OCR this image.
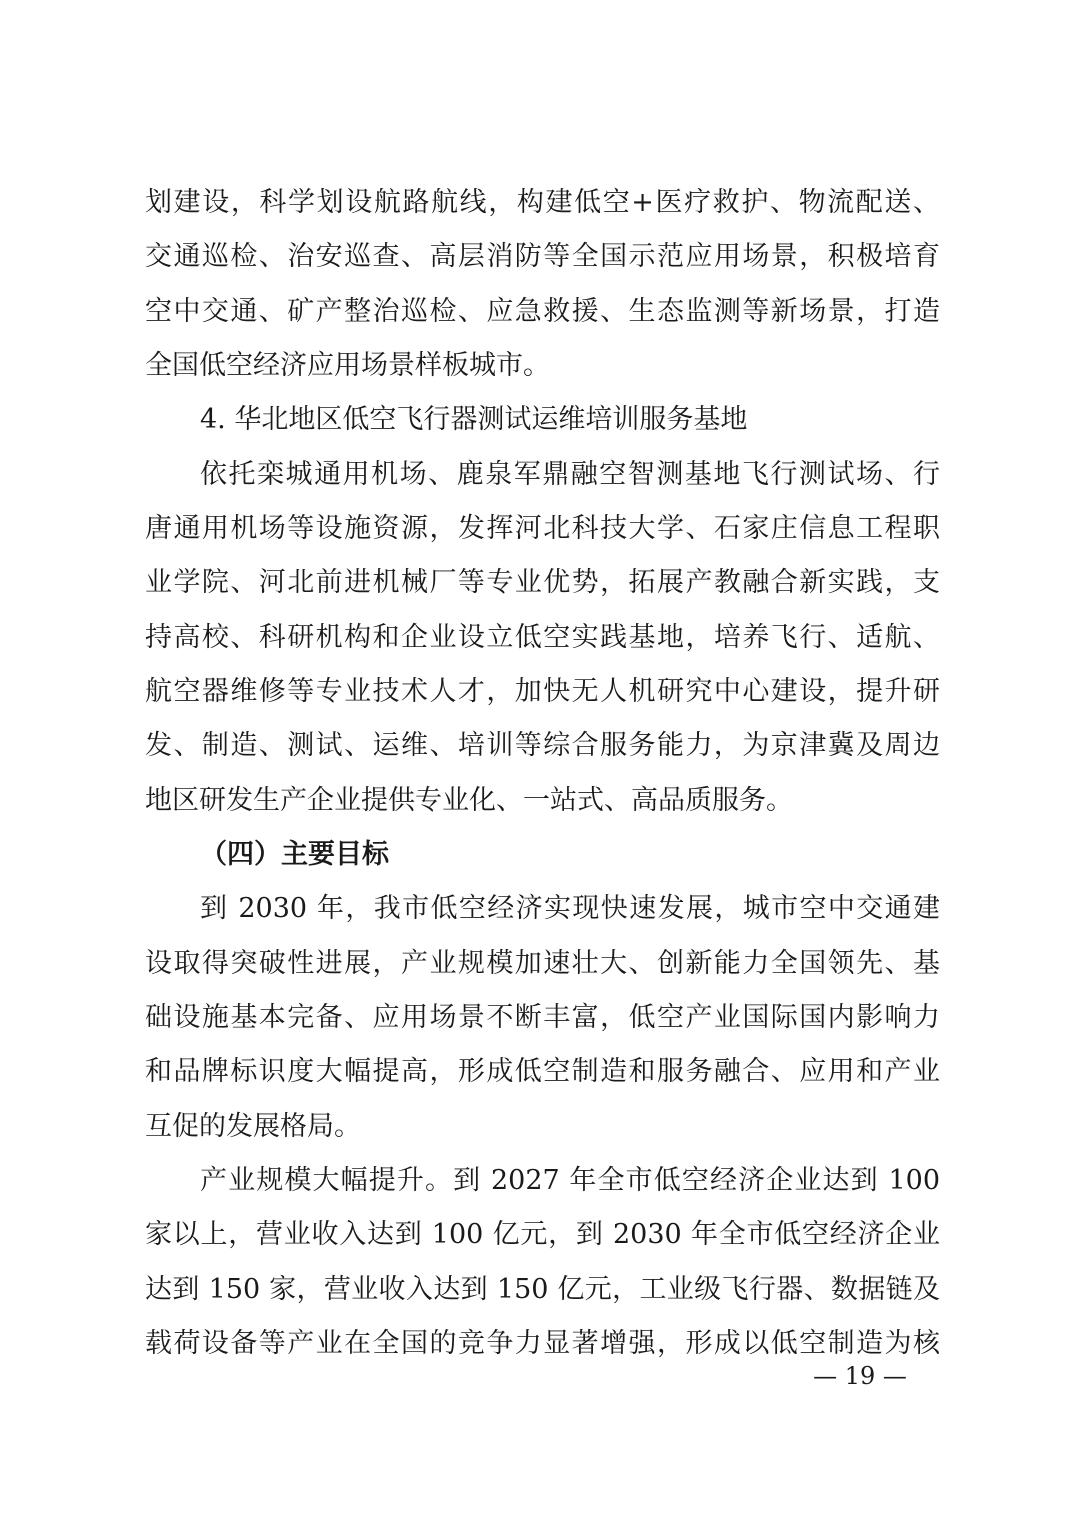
划建设，科学划设航路航线，构建低空+医疗救护、物流配送、
交通巡检、治安巡查、高层消防等全国示范应用场景，积极培育
空中交通、矿产整治巡检、应急救援、生态监测等新场景，打造
全国低空经济应用场景样板城市。
4. 华北地区低空飞行器测试运维培训服务基地
依托栾城通用机场、鹿泉军鼎融空智测基地飞行测试场、行
唐通用机场等设施资源，发挥河北科技大学、石家庄信息工程职
业学院、河北前进机械厂等专业优势，拓展产教融合新实践，支
持高校、科研机构和企业设立低空实践基地，培养飞行、适航、
航空器维修等专业技术人才，加快无人机研究中心建设，提升研
发、制造、测试、运维、培训等综合服务能力，为京津冀及周边
地区研发生产企业提供专业化、一站式、高品质服务。
（四）主要目标
到 2030 年，我市低空经济实现快速发展，城市空中交通建
设取得突破性进展，产业规模加速壮大、创新能力全国领先、基
础设施基本完备、应用场景不断丰富，低空产业国际国内影响力
和品牌标识度大幅提高，形成低空制造和服务融合、应用和产业
互促的发展格局。
产业规模大幅提升。到 2027 年全市低空经济企业达到 100
家以上，营业收入达到 100 亿元，到 2030 年全市低空经济企业
达到 150 家，营业收入达到 150 亿元，工业级飞行器、数据链及
载荷设备等产业在全国的竞争力显著增强，形成以低空制造为核
— 19 —
